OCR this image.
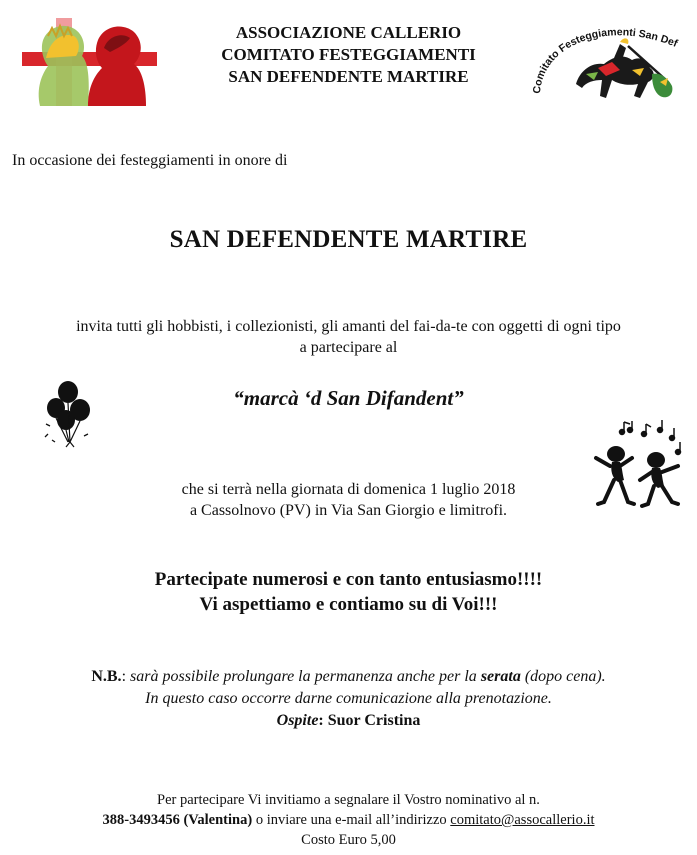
ASSOCIAZIONE CALLERIO
COMITATO FESTEGGIAMENTI
SAN DEFENDENTE MARTIRE
Comitato Festeggiamenti San Def
In occasione dei festeggiamenti in onore di
SAN DEFENDENTE MARTIRE
invita tutti gli hobbisti, i collezionisti, gli amanti del fai-da-te con oggetti di ogni tipo
a partecipare al
“marcà ‘d San Difandent”
che si terrà nella giornata di domenica 1 luglio 2018
a Cassolnovo (PV) in Via San Giorgio e limitrofi.
Partecipate numerosi e con tanto entusiasmo!!!!
Vi aspettiamo e contiamo su di Voi!!!
N.B.: sarà possibile prolungare la permanenza anche per la serata (dopo cena).
In questo caso occorre darne comunicazione alla prenotazione.
Ospite: Suor Cristina
Per partecipare Vi invitiamo a segnalare il Vostro nominativo al n.
388-3493456 (Valentina) o inviare una e-mail all’indirizzo comitato@assocallerio.it
Costo Euro 5,00
